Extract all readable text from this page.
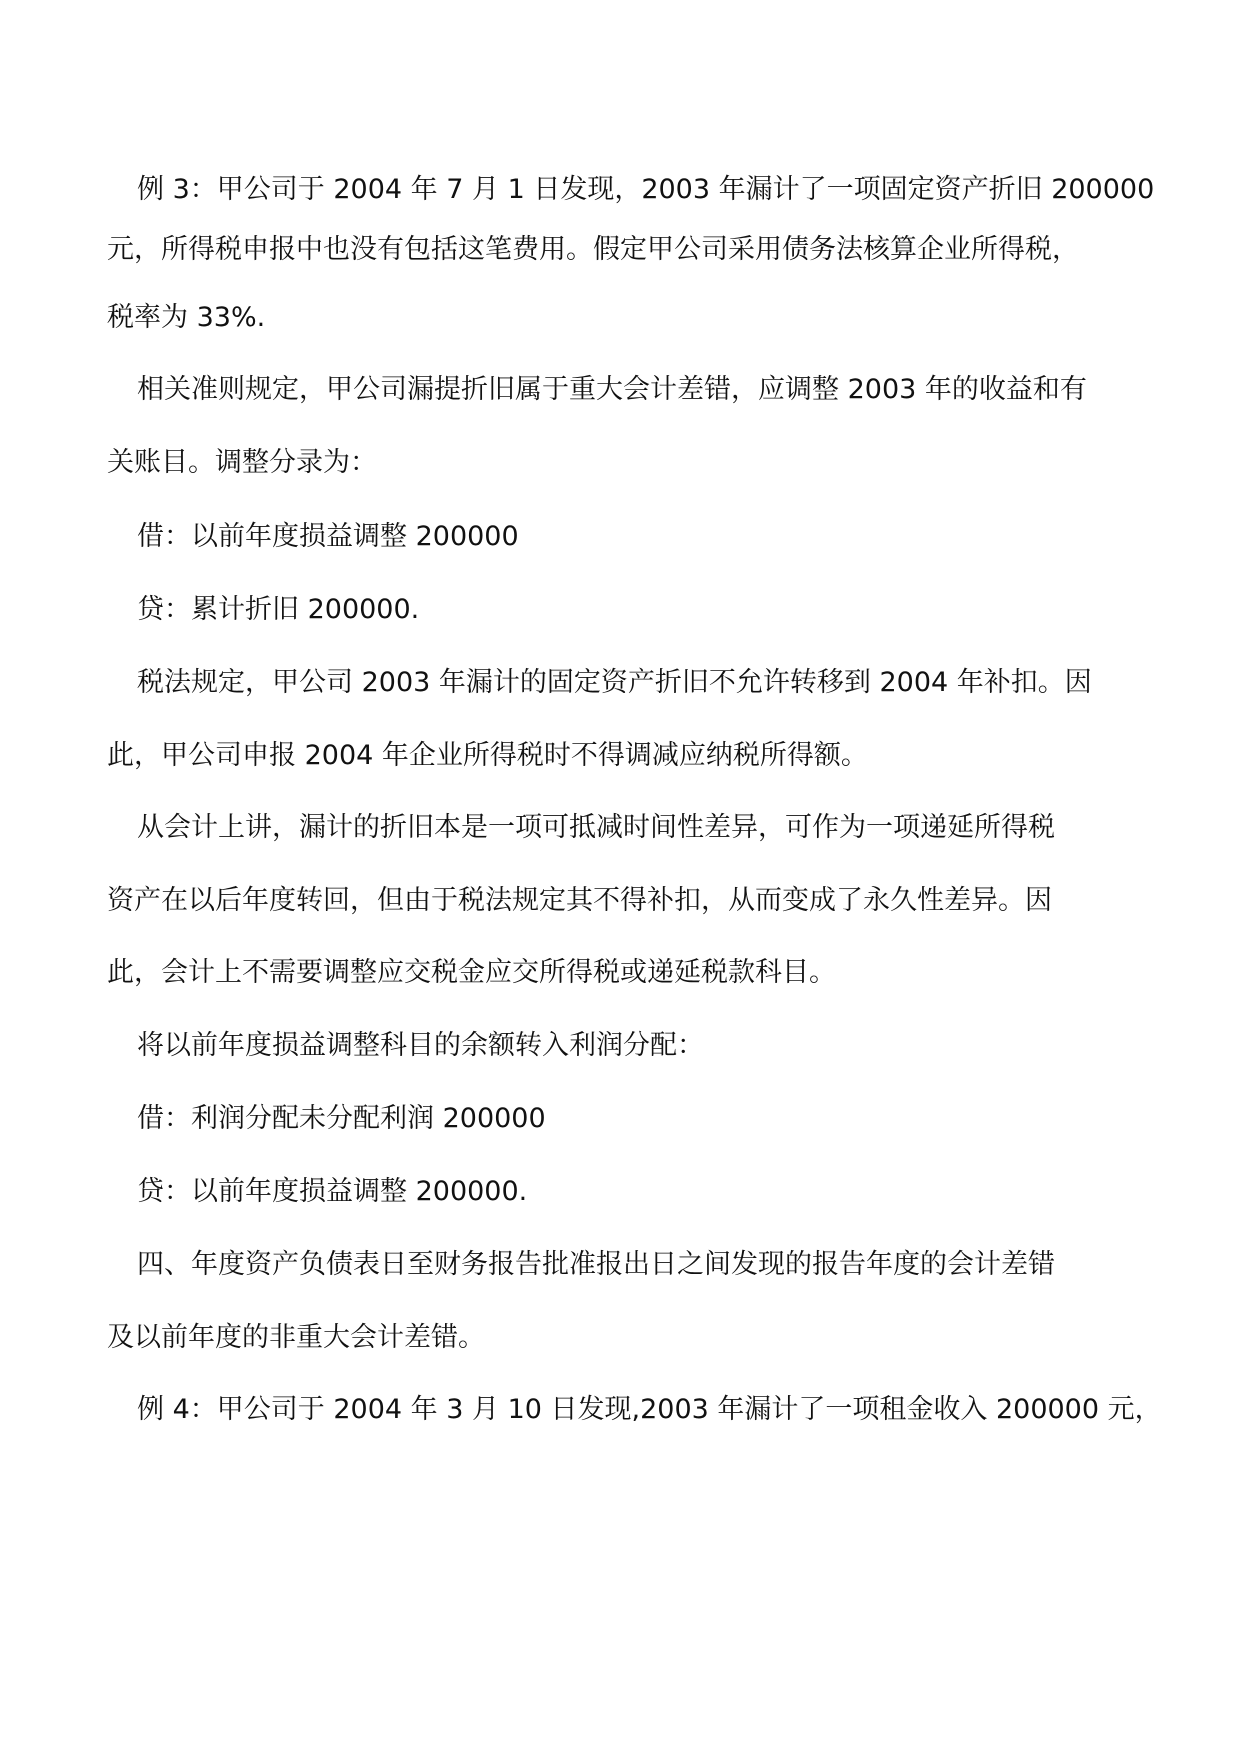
例 3：甲公司于 2004 年 7 月 1 日发现，2003 年漏计了一项固定资产折旧 200000
元，所得税申报中也没有包括这笔费用。假定甲公司采用债务法核算企业所得税，
税率为 33%.
相关准则规定，甲公司漏提折旧属于重大会计差错，应调整 2003 年的收益和有
关账目。调整分录为：
借：以前年度损益调整 200000
贷：累计折旧 200000.
税法规定，甲公司 2003 年漏计的固定资产折旧不允许转移到 2004 年补扣。因
此，甲公司申报 2004 年企业所得税时不得调减应纳税所得额。
从会计上讲，漏计的折旧本是一项可抵减时间性差异，可作为一项递延所得税
资产在以后年度转回，但由于税法规定其不得补扣，从而变成了永久性差异。因
此，会计上不需要调整应交税金应交所得税或递延税款科目。
将以前年度损益调整科目的余额转入利润分配：
借：利润分配未分配利润 200000
贷：以前年度损益调整 200000.
四、年度资产负债表日至财务报告批准报出日之间发现的报告年度的会计差错
及以前年度的非重大会计差错。
例 4：甲公司于 2004 年 3 月 10 日发现,2003 年漏计了一项租金收入 200000 元，
